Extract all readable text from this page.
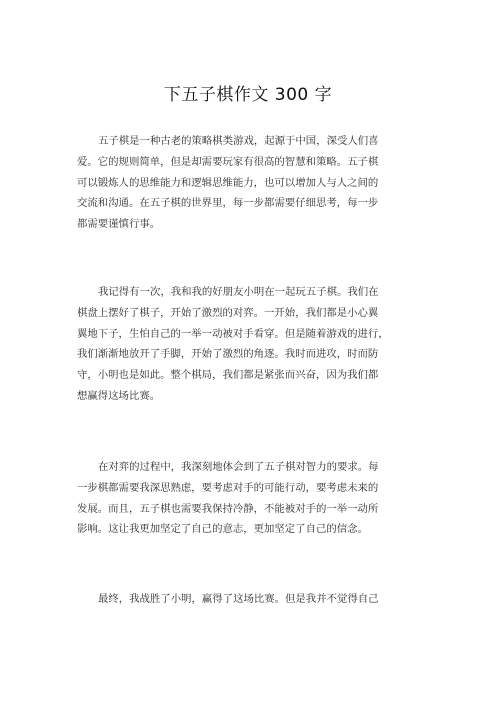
下五子棋作文 300 字
五子棋是一种古老的策略棋类游戏，起源于中国，深受人们喜
爱。它的规则简单，但是却需要玩家有很高的智慧和策略。五子棋
可以锻炼人的思维能力和逻辑思维能力，也可以增加人与人之间的
交流和沟通。在五子棋的世界里，每一步都需要仔细思考，每一步
都需要谨慎行事。
我记得有一次，我和我的好朋友小明在一起玩五子棋。我们在
棋盘上摆好了棋子，开始了激烈的对弈。一开始，我们都是小心翼
翼地下子，生怕自己的一举一动被对手看穿。但是随着游戏的进行，
我们渐渐地放开了手脚，开始了激烈的角逐。我时而进攻，时而防
守，小明也是如此。整个棋局，我们都是紧张而兴奋，因为我们都
想赢得这场比赛。
在对弈的过程中，我深刻地体会到了五子棋对智力的要求。每
一步棋都需要我深思熟虑，要考虑对手的可能行动，要考虑未来的
发展。而且，五子棋也需要我保持冷静，不能被对手的一举一动所
影响。这让我更加坚定了自己的意志，更加坚定了自己的信念。
最终，我战胜了小明，赢得了这场比赛。但是我并不觉得自己
